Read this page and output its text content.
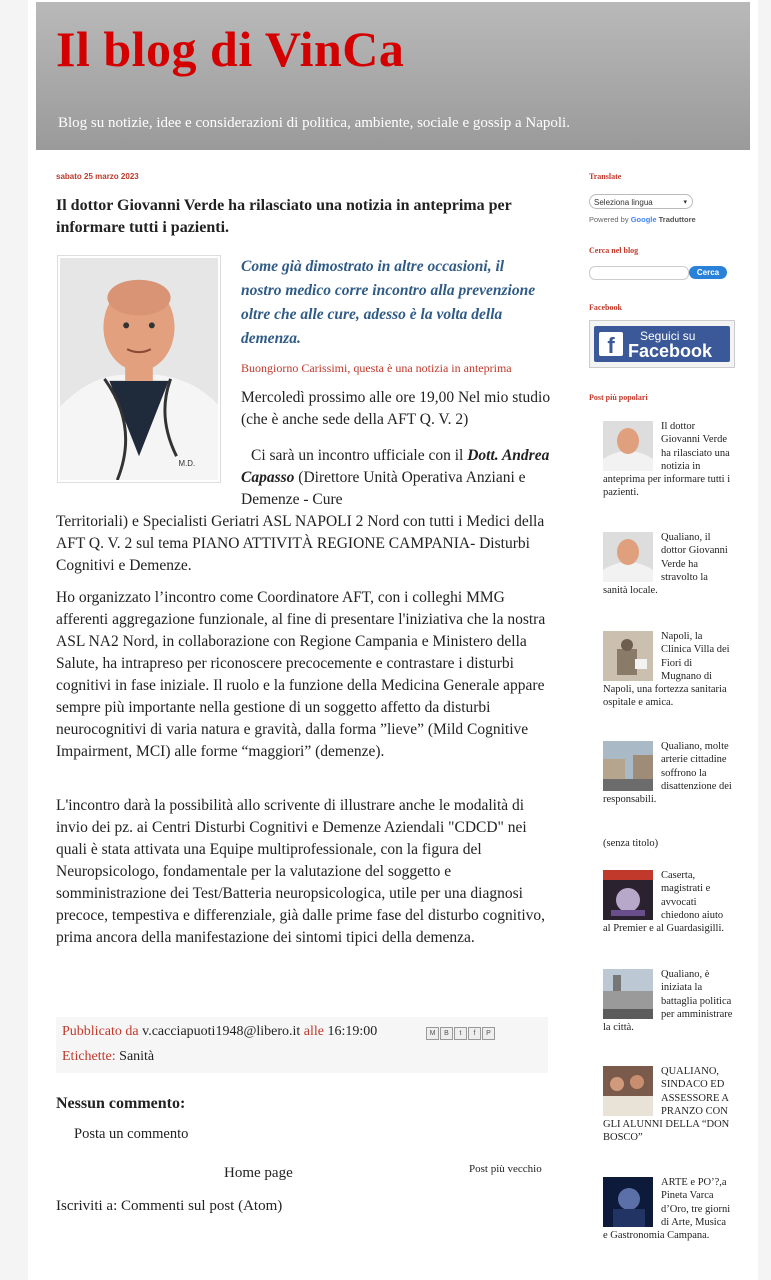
Il blog di VinCa
Blog su notizie, idee e considerazioni di politica, ambiente, sociale e gossip a Napoli.
sabato 25 marzo 2023
Il dottor Giovanni Verde ha rilasciato una notizia in anteprima per informare tutti i pazienti.
M.D.
Come già dimostrato in altre occasioni, il nostro medico corre incontro alla prevenzione oltre che alle cure, adesso è la volta della demenza.
Buongiorno Carissimi, questa è una notizia in anteprima
Mercoledì prossimo alle ore 19,00 Nel mio studio (che è anche sede della AFT Q. V. 2)
Ci sarà un incontro ufficiale con il Dott. Andrea Capasso (Direttore Unità Operativa Anziani e Demenze - Cure
Territoriali) e Specialisti Geriatri ASL NAPOLI 2 Nord con tutti i Medici della AFT Q. V. 2 sul tema PIANO ATTIVITÀ REGIONE CAMPANIA- Disturbi Cognitivi e Demenze.
Ho organizzato l’incontro come Coordinatore AFT, con i colleghi MMG afferenti aggregazione funzionale, al fine di presentare l'iniziativa che la nostra ASL NA2 Nord, in collaborazione con Regione Campania e Ministero della Salute, ha intrapreso per riconoscere precocemente e contrastare i disturbi cognitivi in fase iniziale. Il ruolo e la funzione della Medicina Generale appare sempre più importante nella gestione di un soggetto affetto da disturbi neurocognitivi di varia natura e gravità, dalla forma ”lieve” (Mild Cognitive Impairment, MCI) alle forme “maggiori” (demenze).
L'incontro darà la possibilità allo scrivente di illustrare anche le modalità di invio dei pz. ai Centri Disturbi Cognitivi e Demenze Aziendali "CDCD" nei quali è stata attivata una Equipe multiprofessionale, con la figura del Neuropsicologo, fondamentale per la valutazione del soggetto e somministrazione dei Test/Batteria neuropsicologica, utile per una diagnosi precoce, tempestiva e differenziale, già dalle prime fase del disturbo cognitivo, prima ancora della manifestazione dei sintomi tipici della demenza.
Pubblicato da v.cacciapuoti1948@libero.it alle 16:19:00	M	B	t	f	P
Etichette: Sanità
Nessun commento:
Posta un commento
Home page	Post più vecchio
Iscriviti a: Commenti sul post (Atom)
Translate
Seleziona lingua	▾
Powered by Google Traduttore
Cerca nel blog
Cerca
Facebook
f	Seguici su
Facebook
Post più popolari
Il dottor Giovanni Verde ha rilasciato una notizia in anteprima per informare tutti i pazienti.
Qualiano, il dottor Giovanni Verde ha stravolto la sanità locale.
Napoli, la Clinica Villa dei Fiori di Mugnano di Napoli, una fortezza sanitaria ospitale e amica.
Qualiano, molte arterie cittadine soffrono la disattenzione dei responsabili.
(senza titolo)
Caserta, magistrati e avvocati chiedono aiuto al Premier e al Guardasigilli.
Qualiano, è iniziata la battaglia politica per amministrare la città.
QUALIANO, SINDACO ED ASSESSORE A PRANZO CON GLI ALUNNI DELLA “DON BOSCO”
ARTE e PO’?,a Pineta Varca d’Oro, tre giorni di Arte, Musica e Gastronomia Campana.
